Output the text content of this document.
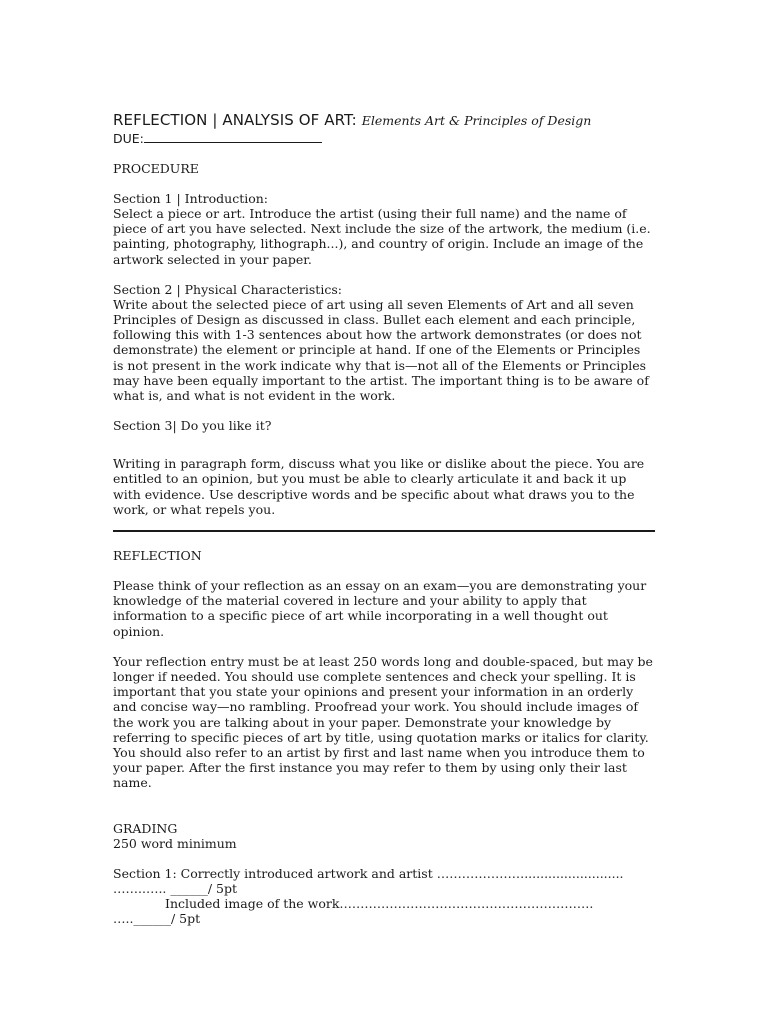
REFLECTION | ANALYSIS OF ART: Elements Art & Principles of Design
DUE:
PROCEDURE
Section 1 | Introduction:
Select a piece or art. Introduce the artist (using their full name) and the name of
piece of art you have selected. Next include the size of the artwork, the medium (i.e.
painting, photography, lithograph...), and country of origin. Include an image of the
artwork selected in your paper.
Section 2 | Physical Characteristics:
Write about the selected piece of art using all seven Elements of Art and all seven
Principles of Design as discussed in class. Bullet each element and each principle,
following this with 1-3 sentences about how the artwork demonstrates (or does not
demonstrate) the element or principle at hand. If one of the Elements or Principles
is not present in the work indicate why that is—not all of the Elements or Principles
may have been equally important to the artist. The important thing is to be aware of
what is, and what is not evident in the work.
Section 3| Do you like it?
Writing in paragraph form, discuss what you like or dislike about the piece. You are
entitled to an opinion, but you must be able to clearly articulate it and back it up
with evidence. Use descriptive words and be specific about what draws you to the
work, or what repels you.
REFLECTION
Please think of your reflection as an essay on an exam—you are demonstrating your
knowledge of the material covered in lecture and your ability to apply that
information to a specific piece of art while incorporating in a well thought out
opinion.
Your reflection entry must be at least 250 words long and double-spaced, but may be
longer if needed. You should use complete sentences and check your spelling. It is
important that you state your opinions and present your information in an orderly
and concise way—no rambling. Proofread your work. You should include images of
the work you are talking about in your paper. Demonstrate your knowledge by
referring to specific pieces of art by title, using quotation marks or italics for clarity.
You should also refer to an artist by first and last name when you introduce them to
your paper. After the first instance you may refer to them by using only their last
name.
GRADING
250 word minimum
Section 1: Correctly introduced artwork and artist ………………….........................
……..….. ______/ 5pt
Included image of the work…………………………………………………….
…..______/ 5pt
